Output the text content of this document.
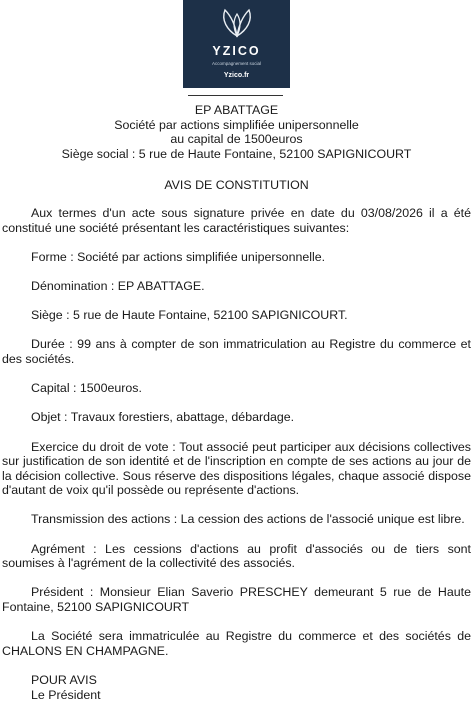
YZICO
Accompagnement social
Yzico.fr
EP ABATTAGE
Société par actions simplifiée unipersonnelle
au capital de 1500euros
Siège social : 5 rue de Haute Fontaine, 52100 SAPIGNICOURT
AVIS DE CONSTITUTION

Aux termes d'un acte sous signature privée en date du 03/08/2026 il a été constitué une société présentant les caractéristiques suivantes:

Forme : Société par actions simplifiée unipersonnelle.

Dénomination : EP ABATTAGE.

Siège : 5 rue de Haute Fontaine, 52100 SAPIGNICOURT.

Durée : 99 ans à compter de son immatriculation au Registre du commerce et des sociétés.

Capital : 1500euros.

Objet : Travaux forestiers, abattage, débardage.

Exercice du droit de vote : Tout associé peut participer aux décisions collectives sur justification de son identité et de l'inscription en compte de ses actions au jour de la décision collective. Sous réserve des dispositions légales, chaque associé dispose d'autant de voix qu'il possède ou représente d'actions.

Transmission des actions : La cession des actions de l'associé unique est libre.

Agrément : Les cessions d'actions au profit d'associés ou de tiers sont soumises à l'agrément de la collectivité des associés.

Président : Monsieur Elian Saverio PRESCHEY demeurant 5 rue de Haute Fontaine, 52100 SAPIGNICOURT

La Société sera immatriculée au Registre du commerce et des sociétés de CHALONS EN CHAMPAGNE.

POUR AVIS
Le Président
